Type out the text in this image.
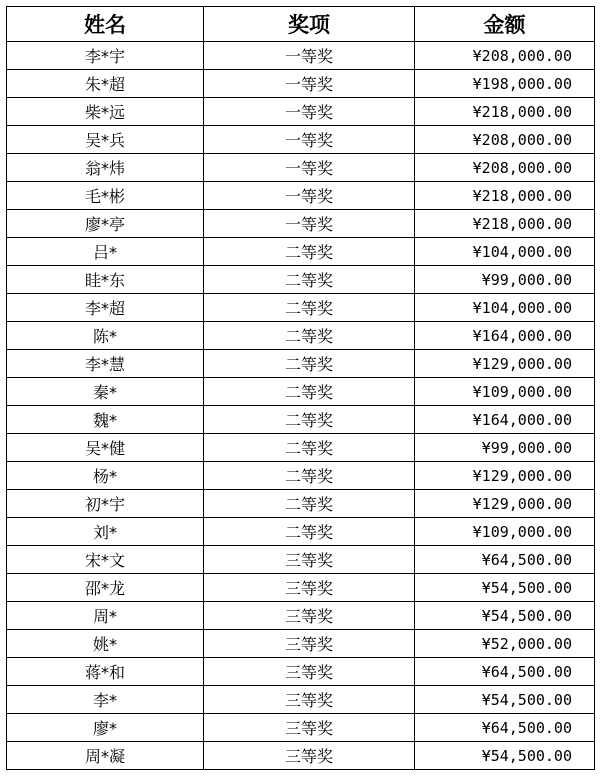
姓名	奖项	金额
李*宇	一等奖	¥208,000.00
朱*超	一等奖	¥198,000.00
柴*远	一等奖	¥218,000.00
吴*兵	一等奖	¥208,000.00
翁*炜	一等奖	¥208,000.00
毛*彬	一等奖	¥218,000.00
廖*亭	一等奖	¥218,000.00
吕*	二等奖	¥104,000.00
眭*东	二等奖	¥99,000.00
李*超	二等奖	¥104,000.00
陈*	二等奖	¥164,000.00
李*慧	二等奖	¥129,000.00
秦*	二等奖	¥109,000.00
魏*	二等奖	¥164,000.00
吴*健	二等奖	¥99,000.00
杨*	二等奖	¥129,000.00
初*宇	二等奖	¥129,000.00
刘*	二等奖	¥109,000.00
宋*文	三等奖	¥64,500.00
邵*龙	三等奖	¥54,500.00
周*	三等奖	¥54,500.00
姚*	三等奖	¥52,000.00
蒋*和	三等奖	¥64,500.00
李*	三等奖	¥54,500.00
廖*	三等奖	¥64,500.00
周*凝	三等奖	¥54,500.00
